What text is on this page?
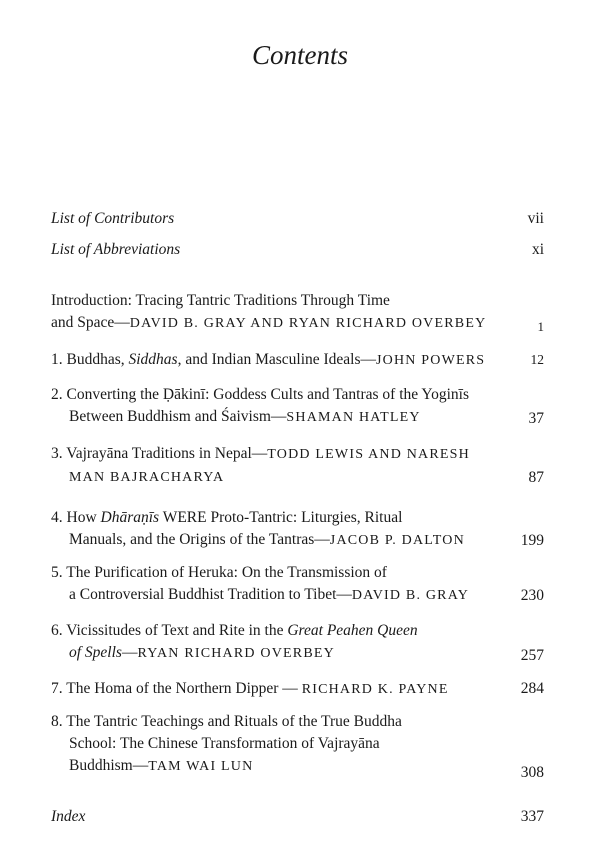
Contents
List of Contributors	vii
List of Abbreviations	xi
Introduction: Tracing Tantric Traditions Through Time
and Space—DAVID B. GRAY AND RYAN RICHARD OVERBEY	1
1. Buddhas, Siddhas, and Indian Masculine Ideals—JOHN POWERS	12
2. Converting the Ḍākinī: Goddess Cults and Tantras of the Yoginīs
Between Buddhism and Śaivism—SHAMAN HATLEY	37
3. Vajrayāna Traditions in Nepal—TODD LEWIS AND NARESH
MAN BAJRACHARYA	87
4. How Dhāraṇīs WERE Proto-Tantric: Liturgies, Ritual
Manuals, and the Origins of the Tantras—JACOB P. DALTON	199
5. The Purification of Heruka: On the Transmission of
a Controversial Buddhist Tradition to Tibet—DAVID B. GRAY	230
6. Vicissitudes of Text and Rite in the Great Peahen Queen
of Spells—RYAN RICHARD OVERBEY	257
7. The Homa of the Northern Dipper — RICHARD K. PAYNE	284
8. The Tantric Teachings and Rituals of the True Buddha
School: The Chinese Transformation of Vajrayāna
Buddhism—TAM WAI LUN	308
Index	337
